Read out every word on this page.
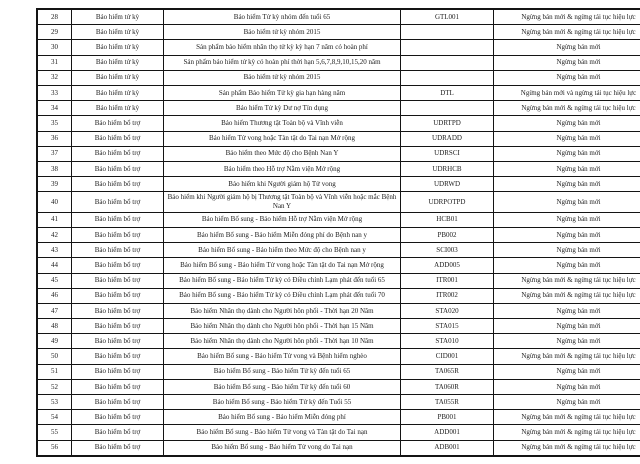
28	Bảo hiểm tử kỳ	Bảo hiểm Tử kỳ nhóm đến tuổi 65	GTL001	Ngừng bán mới & ngừng tái tục hiệu lực
29	Bảo hiểm tử kỳ	Bảo hiểm tử kỳ nhóm 2015		Ngừng bán mới & ngừng tái tục hiệu lực
30	Bảo hiểm tử kỳ	Sản phẩm bảo hiểm nhân thọ tử kỳ kỳ hạn 7 năm có hoàn phí		Ngừng bán mới
31	Bảo hiểm tử kỳ	Sản phẩm bảo hiểm tử kỳ có hoàn phí thời hạn 5,6,7,8,9,10,15,20 năm		Ngừng bán mới
32	Bảo hiểm tử kỳ	Bảo hiểm tử kỳ nhóm 2015		Ngừng bán mới
33	Bảo hiểm tử kỳ	Sản phẩm Bảo hiểm Tử kỳ gia hạn hàng năm	DTL	Ngừng bán mới và ngừng tái tục hiệu lực
34	Bảo hiểm tử kỳ	Bảo hiểm Tử kỳ Dư nợ Tín dụng		Ngừng bán mới & ngừng tái tục hiệu lực
35	Bảo hiểm bổ trợ	Bảo hiểm Thương tật Toàn bộ và Vĩnh viễn	UDRTPD	Ngừng bán mới
36	Bảo hiểm bổ trợ	Bảo hiểm Tử vong hoặc Tàn tật do Tai nạn Mở rộng	UDRADD	Ngừng bán mới
37	Bảo hiểm bổ trợ	Bảo hiểm theo Mức độ cho Bệnh Nan Y	UDRSCI	Ngừng bán mới
38	Bảo hiểm bổ trợ	Bảo hiểm theo Hỗ trợ Nằm viện Mở rộng	UDRHCB	Ngừng bán mới
39	Bảo hiểm bổ trợ	Bảo hiểm khi Người giám hộ Tử vong	UDRWD	Ngừng bán mới
40	Bảo hiểm bổ trợ	Bảo hiểm khi Người giám hộ bị Thương tật Toàn bộ và Vĩnh viễn hoặc mắc Bệnh Nan Y	UDRPOTPD	Ngừng bán mới
41	Bảo hiểm bổ trợ	Bảo hiểm Bổ sung - Bảo hiểm Hỗ trợ Nằm viện Mở rộng	HCB01	Ngừng bán mới
42	Bảo hiểm bổ trợ	Bảo hiểm Bổ sung - Bảo hiểm Miễn đóng phí do Bệnh nan y	PB002	Ngừng bán mới
43	Bảo hiểm bổ trợ	Bảo hiểm Bổ sung - Bảo hiểm theo Mức độ cho Bệnh nan y	SCI003	Ngừng bán mới
44	Bảo hiểm bổ trợ	Bảo hiểm Bổ sung - Bảo hiểm Tử vong hoặc Tàn tật do Tai nạn Mở rộng	ADD005	Ngừng bán mới
45	Bảo hiểm bổ trợ	Bảo hiểm Bổ sung - Bảo hiểm Tử kỳ có Điều chỉnh Lạm phát đến tuổi 65	ITR001	Ngừng bán mới & ngừng tái tục hiệu lực
46	Bảo hiểm bổ trợ	Bảo hiểm Bổ sung - Bảo hiểm Tử kỳ có Điều chỉnh Lạm phát đến tuổi 70	ITR002	Ngừng bán mới & ngừng tái tục hiệu lực
47	Bảo hiểm bổ trợ	Bảo hiểm Nhân thọ dành cho Người hôn phối - Thời hạn 20 Năm	STA020	Ngừng bán mới
48	Bảo hiểm bổ trợ	Bảo hiểm Nhân thọ dành cho Người hôn phối - Thời hạn 15 Năm	STA015	Ngừng bán mới
49	Bảo hiểm bổ trợ	Bảo hiểm Nhân thọ dành cho Người hôn phối - Thời hạn 10 Năm	STA010	Ngừng bán mới
50	Bảo hiểm bổ trợ	Bảo hiểm Bổ sung - Bảo hiểm Tử vong và Bệnh hiểm nghèo	CID001	Ngừng bán mới & ngừng tái tục hiệu lực
51	Bảo hiểm bổ trợ	Bảo hiểm Bổ sung - Bảo hiểm Tử kỳ đến tuổi 65	TA065R	Ngừng bán mới
52	Bảo hiểm bổ trợ	Bảo hiểm Bổ sung - Bảo hiểm Tử kỳ đến tuổi 60	TA060R	Ngừng bán mới
53	Bảo hiểm bổ trợ	Bảo hiểm Bổ sung - Bảo hiểm Tử kỳ đến Tuổi 55	TA055R	Ngừng bán mới
54	Bảo hiểm bổ trợ	Bảo hiểm Bổ sung - Bảo hiểm Miễn đóng phí	PB001	Ngừng bán mới & ngừng tái tục hiệu lực
55	Bảo hiểm bổ trợ	Bảo hiểm Bổ sung - Bảo hiểm Tử vong và Tàn tật do Tai nạn	ADD001	Ngừng bán mới & ngừng tái tục hiệu lực
56	Bảo hiểm bổ trợ	Bảo hiểm Bổ sung - Bảo hiểm Tử vong do Tai nạn	ADB001	Ngừng bán mới & ngừng tái tục hiệu lực
